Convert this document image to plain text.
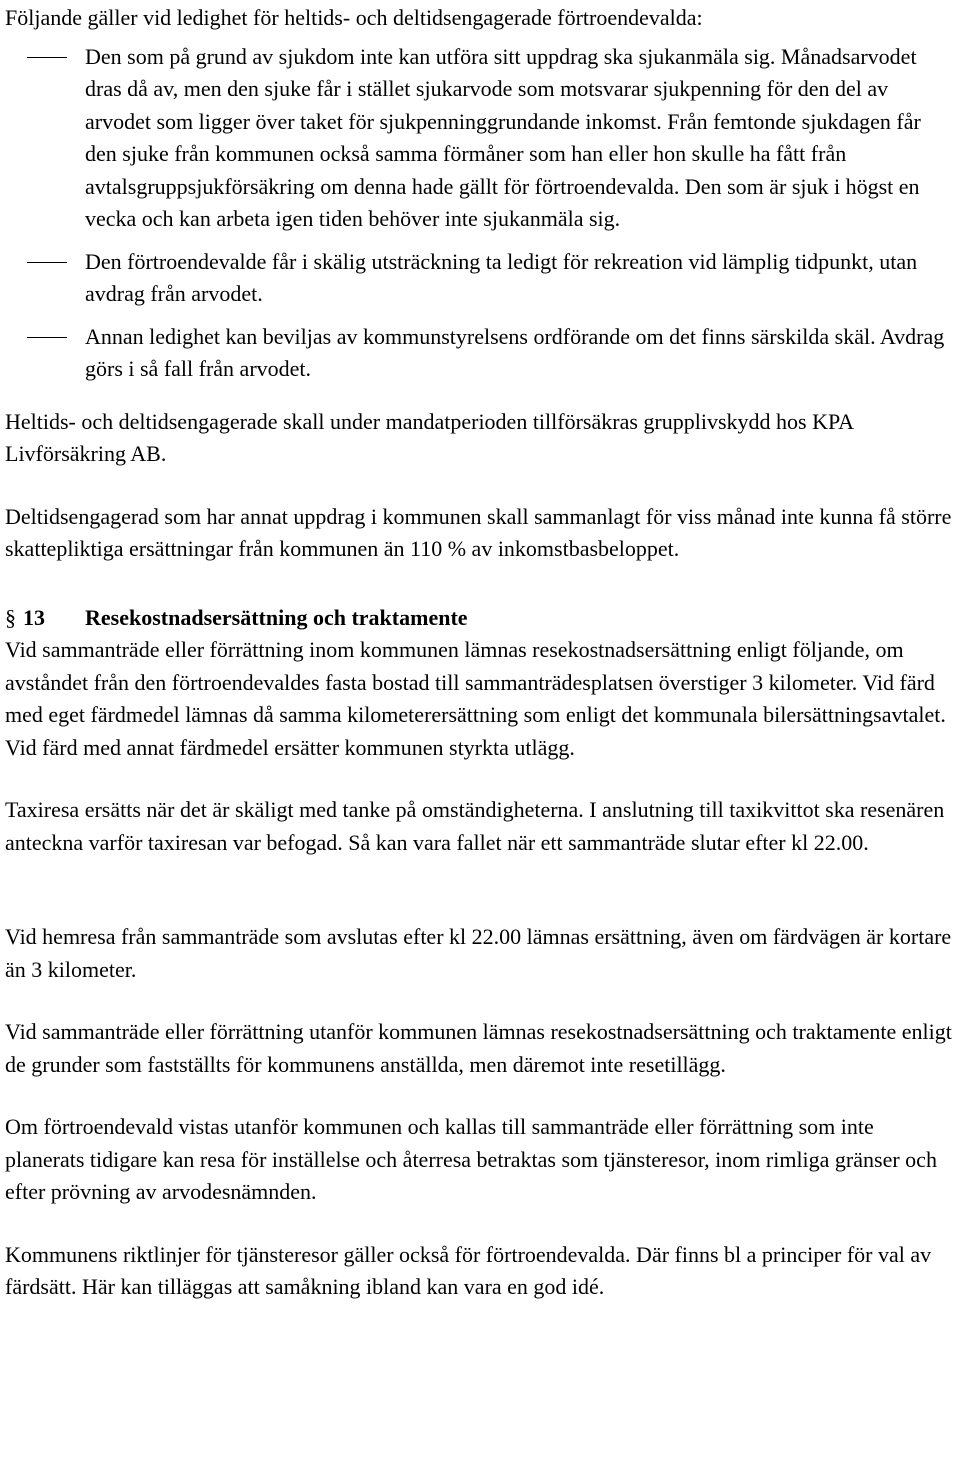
Följande gäller vid ledighet för heltids- och deltidsengagerade förtroendevalda:

Den som på grund av sjukdom inte kan utföra sitt uppdrag ska sjukanmäla sig. Månadsarvodet dras då av, men den sjuke får i stället sjukarvode som motsvarar sjukpenning för den del av arvodet som ligger över taket för sjukpenninggrundande inkomst. Från femtonde sjukdagen får den sjuke från kommunen också samma förmåner som han eller hon skulle ha fått från avtalsgruppsjukförsäkring om denna hade gällt för förtroendevalda. Den som är sjuk i högst en vecka och kan arbeta igen tiden behöver inte sjukanmäla sig.
Den förtroendevalde får i skälig utsträckning ta ledigt för rekreation vid lämplig tidpunkt, utan avdrag från arvodet.
Annan ledighet kan beviljas av kommunstyrelsens ordförande om det finns särskilda skäl. Avdrag görs i så fall från arvodet.

Heltids- och deltidsengagerade skall under mandatperioden tillförsäkras grupplivskydd hos KPA Livförsäkring AB.

Deltidsengagerad som har annat uppdrag i kommunen skall sammanlagt för viss månad inte kunna få större skattepliktiga ersättningar från kommunen än 110 % av inkomstbasbeloppet.

§ 13	Resekostnadsersättning och traktamente

Vid sammanträde eller förrättning inom kommunen lämnas resekostnadsersättning enligt följande, om avståndet från den förtroendevaldes fasta bostad till sammanträdesplatsen överstiger 3 kilometer. Vid färd med eget färdmedel lämnas då samma kilometerersättning som enligt det kommunala bilersättningsavtalet. Vid färd med annat färdmedel ersätter kommunen styrkta utlägg.

Taxiresa ersätts när det är skäligt med tanke på omständigheterna. I anslutning till taxikvittot ska resenären anteckna varför taxiresan var befogad. Så kan vara fallet när ett sammanträde slutar efter kl 22.00.

Vid hemresa från sammanträde som avslutas efter kl 22.00 lämnas ersättning, även om färdvägen är kortare än 3 kilometer.

Vid sammanträde eller förrättning utanför kommunen lämnas resekostnadsersättning och traktamente enligt de grunder som fastställts för kommunens anställda, men däremot inte resetillägg.

Om förtroendevald vistas utanför kommunen och kallas till sammanträde eller förrättning som inte planerats tidigare kan resa för inställelse och återresa betraktas som tjänsteresor, inom rimliga gränser och efter prövning av arvodesnämnden.

Kommunens riktlinjer för tjänsteresor gäller också för förtroendevalda. Där finns bl a principer för val av färdsätt. Här kan tilläggas att samåkning ibland kan vara en god idé.
